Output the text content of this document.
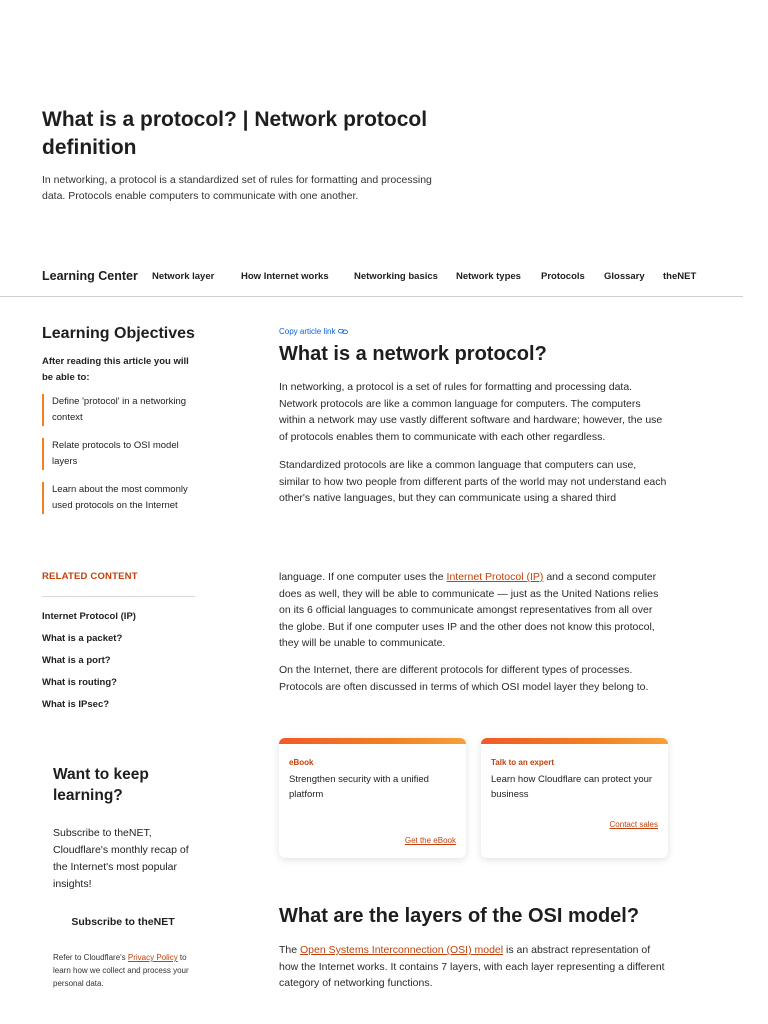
What is a protocol? | Network protocol definition

In networking, a protocol is a standardized set of rules for formatting and processing data. Protocols enable computers to communicate with one another.

Learning Center Network layer	How Internet works	Networking basics Network types Protocols Glossary theNET
Learning Objectives

After reading this article you will be able to:

Define 'protocol' in a networking context
Relate protocols to OSI model layers
Learn about the most commonly used protocols on the Internet
RELATED CONTENT
Internet Protocol (IP)
What is a packet?
What is a port?
What is routing?
What is IPsec?
Want to keep learning?

Subscribe to theNET, Cloudflare's monthly recap of the Internet's most popular insights!

Subscribe to theNET

Refer to Cloudflare's Privacy Policy to learn how we collect and process your personal data.

Copy article link
What is a network protocol?

In networking, a protocol is a set of rules for formatting and processing data. Network protocols are like a common language for computers. The computers within a network may use vastly different software and hardware; however, the use of protocols enables them to communicate with each other regardless.

Standardized protocols are like a common language that computers can use, similar to how two people from different parts of the world may not understand each other's native languages, but they can communicate using a shared third

language. If one computer uses the Internet Protocol (IP) and a second computer does as well, they will be able to communicate — just as the United Nations relies on its 6 official languages to communicate amongst representatives from all over the globe. But if one computer uses IP and the other does not know this protocol, they will be unable to communicate.

On the Internet, there are different protocols for different types of processes. Protocols are often discussed in terms of which OSI model layer they belong to.

eBook
Strengthen security with a unified platform
Get the eBook
Talk to an expert
Learn how Cloudflare can protect your business
Contact sales
What are the layers of the OSI model?

The Open Systems Interconnection (OSI) model is an abstract representation of how the Internet works. It contains 7 layers, with each layer representing a different category of networking functions.
